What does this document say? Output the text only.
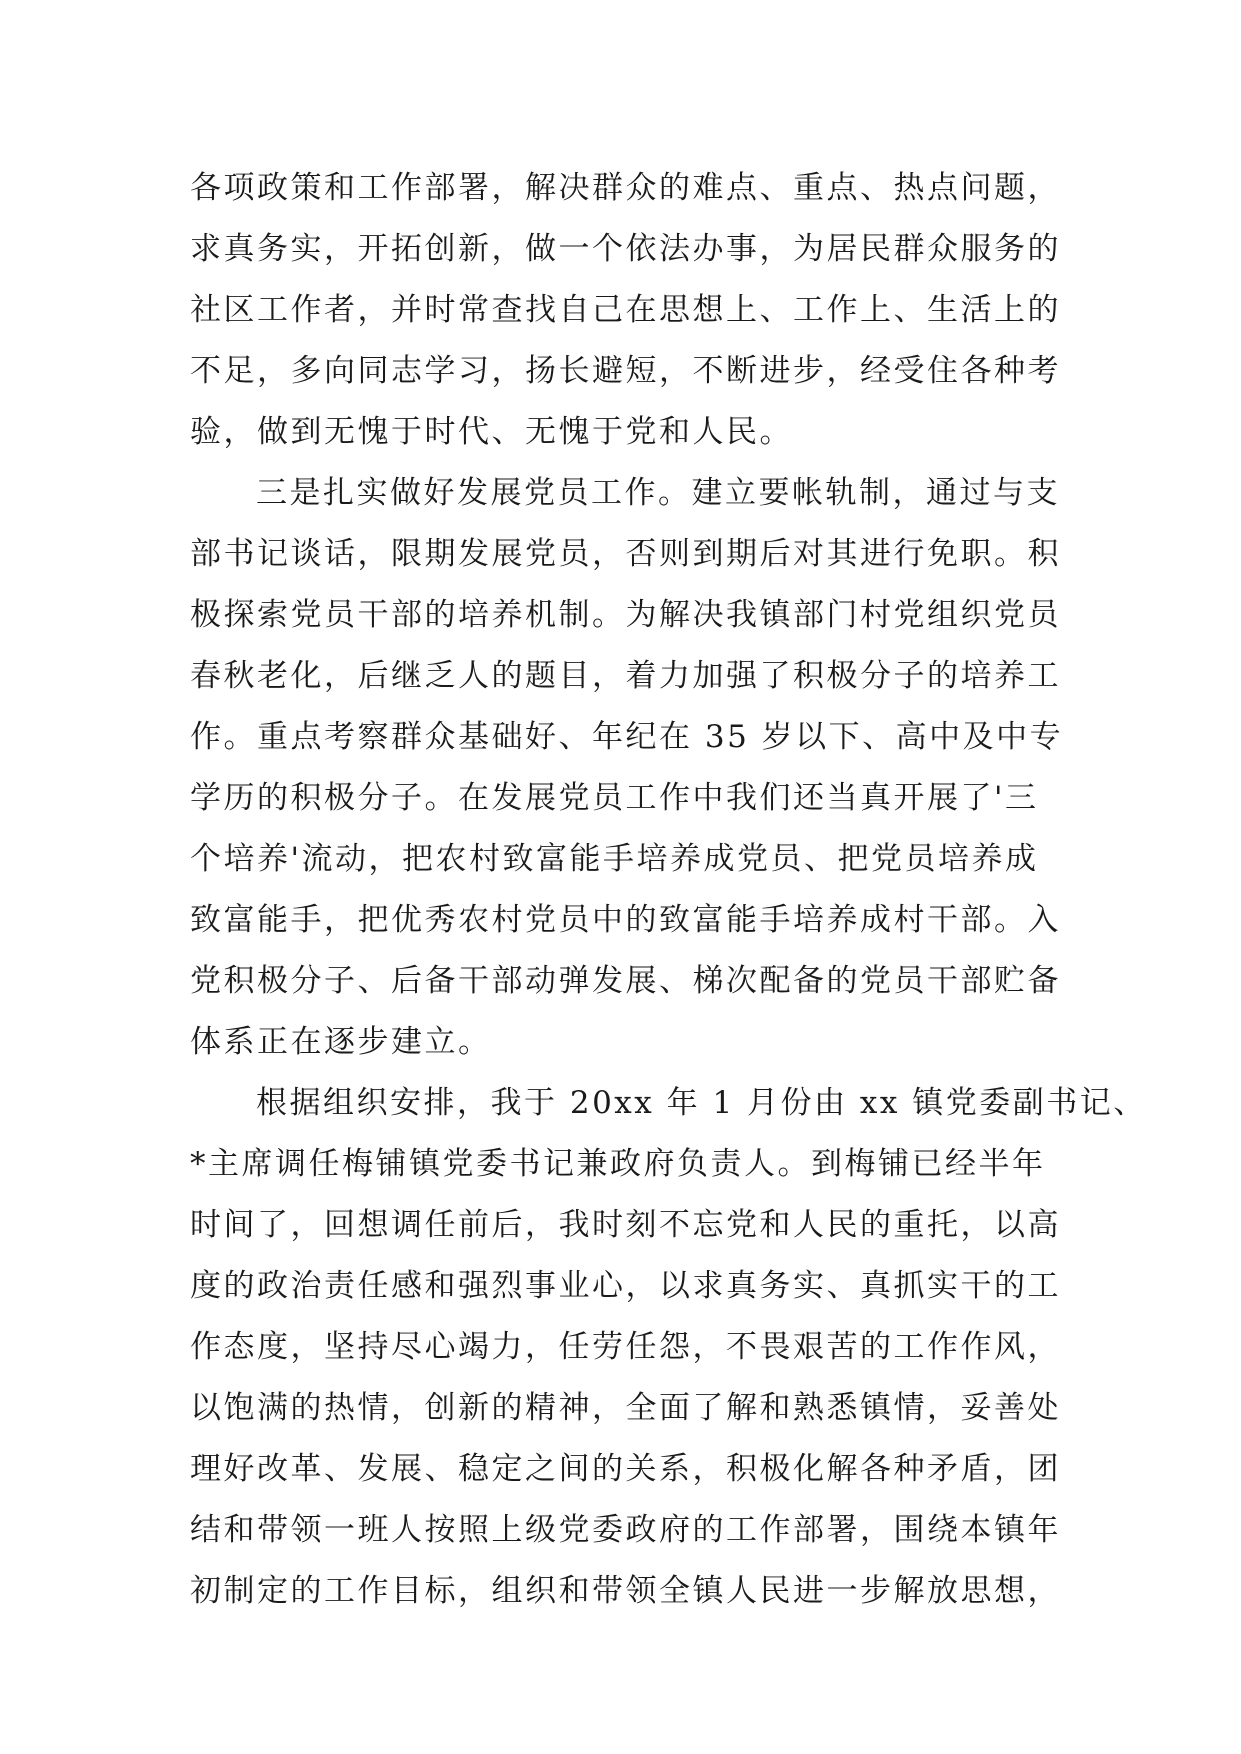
各项政策和工作部署，解决群众的难点、重点、热点问题，
求真务实，开拓创新，做一个依法办事，为居民群众服务的
社区工作者，并时常查找自己在思想上、工作上、生活上的
不足，多向同志学习，扬长避短，不断进步，经受住各种考
验，做到无愧于时代、无愧于党和人民。
三是扎实做好发展党员工作。建立要帐轨制，通过与支
部书记谈话，限期发展党员，否则到期后对其进行免职。积
极探索党员干部的培养机制。为解决我镇部门村党组织党员
春秋老化，后继乏人的题目，着力加强了积极分子的培养工
作。重点考察群众基础好、年纪在 35 岁以下、高中及中专
学历的积极分子。在发展党员工作中我们还当真开展了'三
个培养'流动，把农村致富能手培养成党员、把党员培养成
致富能手，把优秀农村党员中的致富能手培养成村干部。入
党积极分子、后备干部动弹发展、梯次配备的党员干部贮备
体系正在逐步建立。
根据组织安排，我于 20xx 年 1 月份由 xx 镇党委副书记、
*主席调任梅铺镇党委书记兼政府负责人。到梅铺已经半年
时间了，回想调任前后，我时刻不忘党和人民的重托，以高
度的政治责任感和强烈事业心，以求真务实、真抓实干的工
作态度，坚持尽心竭力，任劳任怨，不畏艰苦的工作作风，
以饱满的热情，创新的精神，全面了解和熟悉镇情，妥善处
理好改革、发展、稳定之间的关系，积极化解各种矛盾，团
结和带领一班人按照上级党委政府的工作部署，围绕本镇年
初制定的工作目标，组织和带领全镇人民进一步解放思想，
